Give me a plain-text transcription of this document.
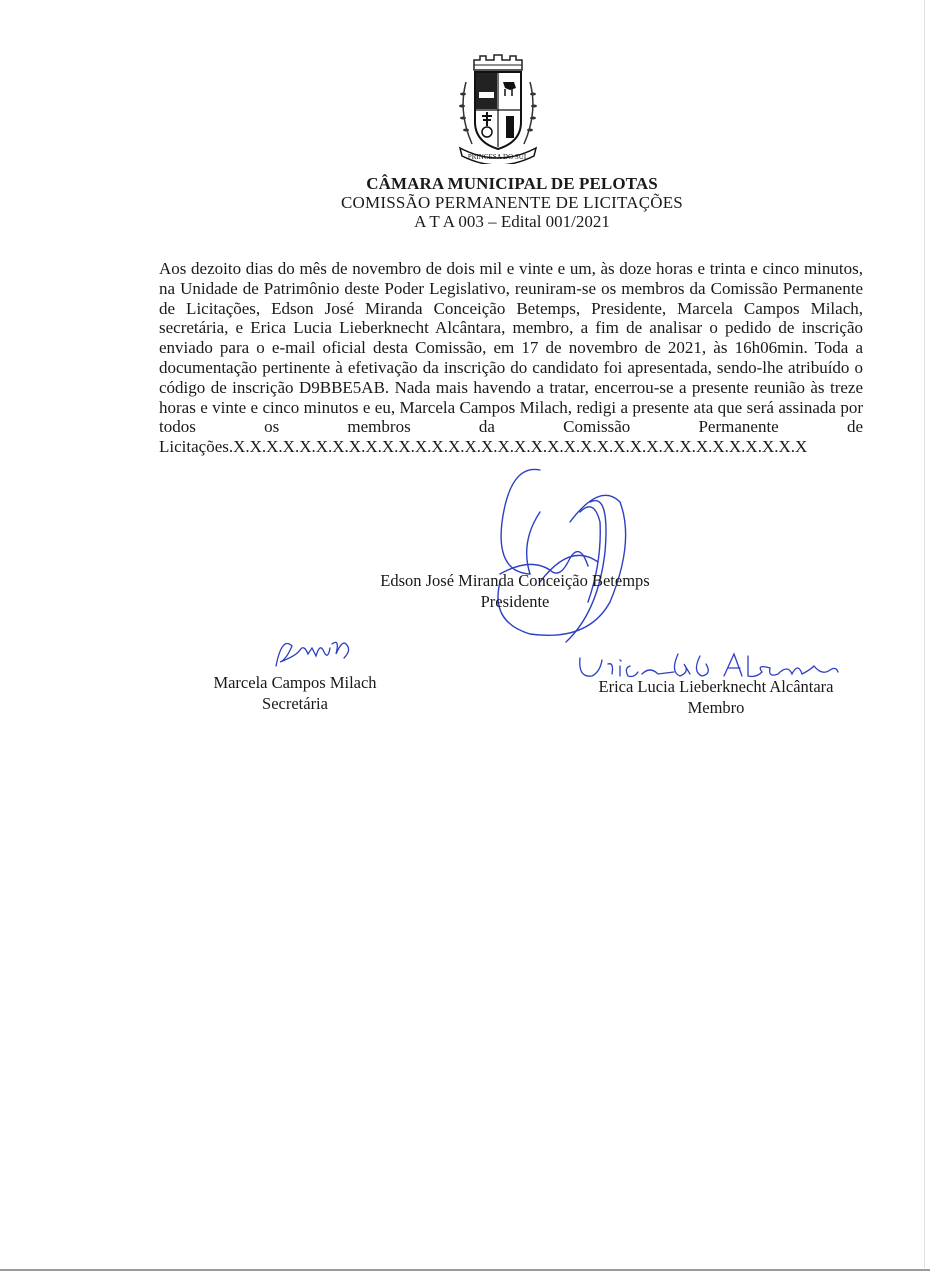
PRINCESA DO SUL
CÂMARA MUNICIPAL DE PELOTAS
COMISSÃO PERMANENTE DE LICITAÇÕES
A T A 003 – Edital 001/2021
Aos dezoito dias do mês de novembro de dois mil e vinte e um, às doze horas e trinta e cinco minutos, na Unidade de Patrimônio deste Poder Legislativo, reuniram-se os membros da Comissão Permanente de Licitações, Edson José Miranda Conceição Betemps, Presidente, Marcela Campos Milach, secretária, e Erica Lucia Lieberknecht Alcântara, membro, a fim de analisar o pedido de inscrição enviado para o e-mail oficial desta Comissão, em 17 de novembro de 2021, às 16h06min. Toda a documentação pertinente à efetivação da inscrição do candidato foi apresentada, sendo-lhe atribuído o código de inscrição D9BBE5AB. Nada mais havendo a tratar, encerrou-se a presente reunião às treze horas e vinte e cinco minutos e eu, Marcela Campos Milach, redigi a presente ata que será assinada por todos os membros da Comissão Permanente de Licitações.X.X.X.X.X.X.X.X.X.X.X.X.X.X.X.X.X.X.X.X.X.X.X.X.X.X.X.X.X.X.X.X.X.X.X
Edson José Miranda Conceição Betemps
Presidente
Marcela Campos Milach
Secretária
Erica Lucia Lieberknecht Alcântara
Membro
